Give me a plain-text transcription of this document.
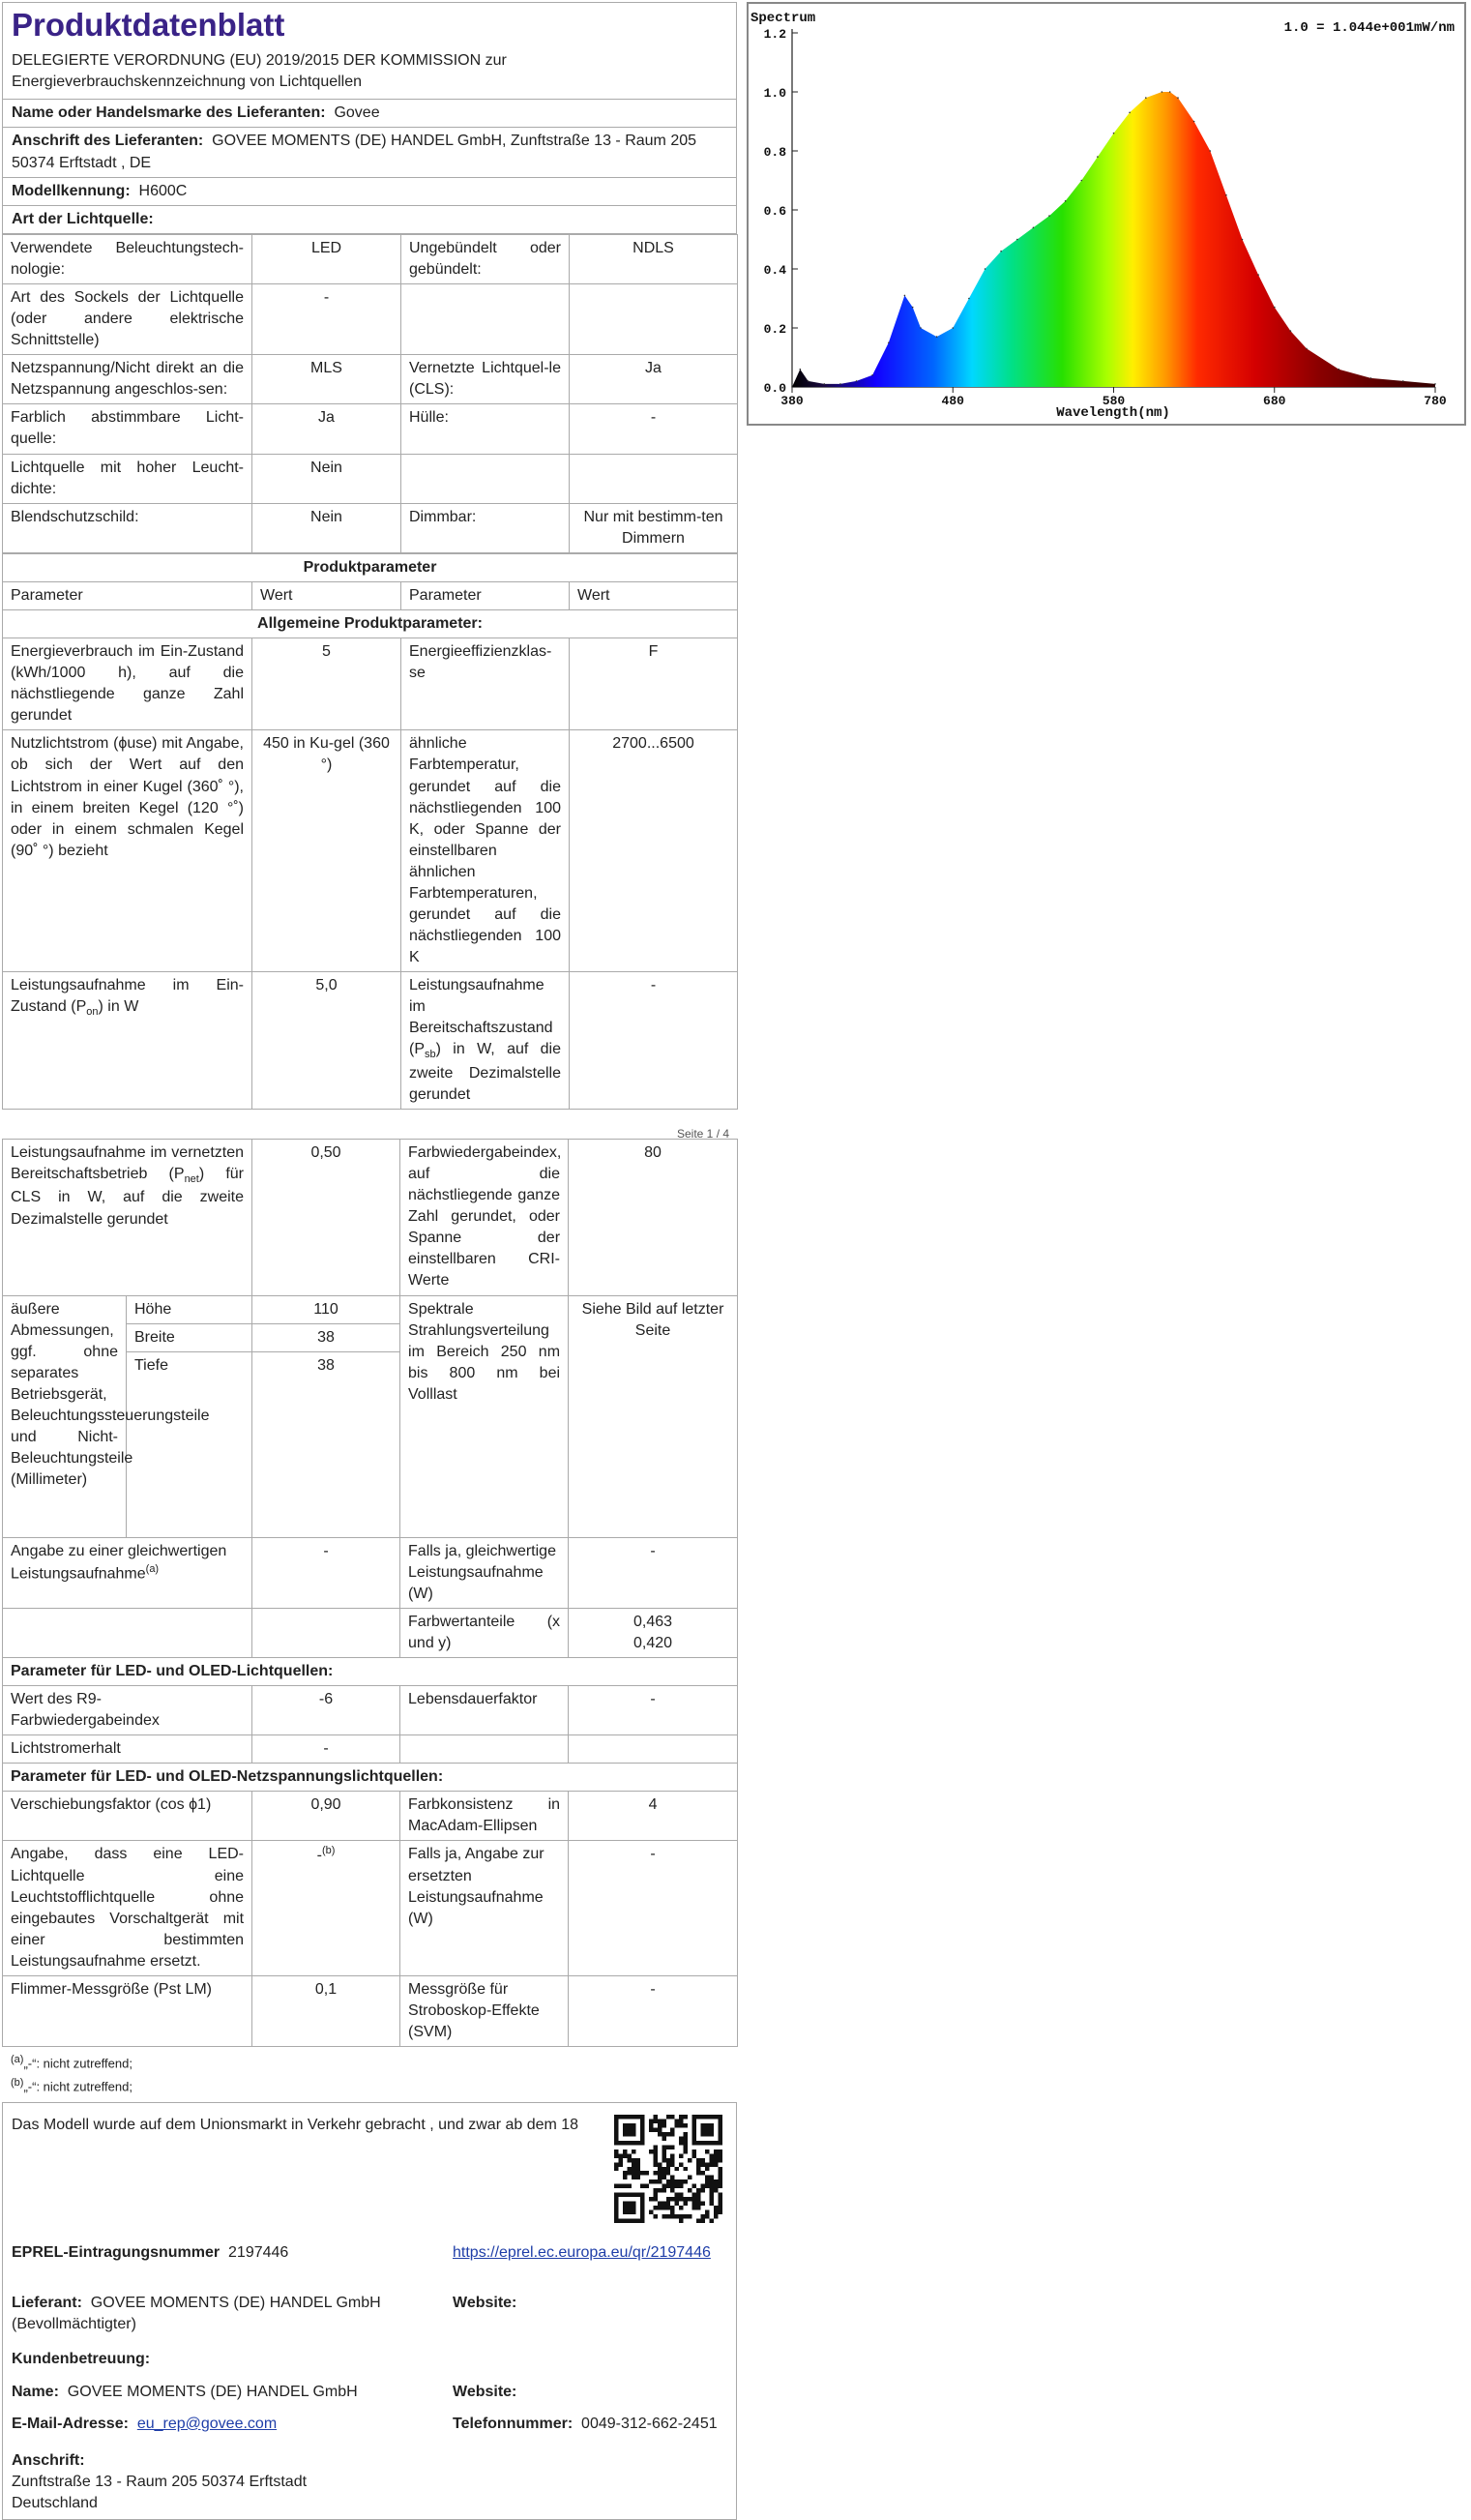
Produktdatenblatt
DELEGIERTE VERORDNUNG (EU) 2019/2015 DER KOMMISSION zur Energieverbrauchskennzeichnung von Lichtquellen
Name oder Handelsmarke des Lieferanten: Govee
Anschrift des Lieferanten: GOVEE MOMENTS (DE) HANDEL GmbH, Zunftstraße 13 - Raum 205 50374 Erftstadt , DE
Modellkennung: H600C
Art der Lichtquelle:
Verwendete Beleuchtungstech-nologie:	LED	Ungebündelt oder gebündelt:	NDLS
Art des Sockels der Lichtquelle (oder andere elektrische Schnittstelle)	-		
Netzspannung/Nicht direkt an die Netzspannung angeschlos-sen:	MLS	Vernetzte Lichtquel-le (CLS):	Ja
Farblich abstimmbare Licht-quelle:	Ja	Hülle:	-
Lichtquelle mit hoher Leucht-dichte:	Nein		
Blendschutzschild:	Nein	Dimmbar:	Nur mit bestimm-ten Dimmern
Produktparameter			
Parameter	Wert	Parameter	Wert
Allgemeine Produktparameter:			
Energieverbrauch im Ein-Zustand (kWh/1000 h), auf die nächstliegende ganze Zahl gerundet	5	Energieeffizienzklas-se	F
Nutzlichtstrom (ϕuse) mit Angabe, ob sich der Wert auf den Lichtstrom in einer Kugel (360˚ °), in einem breiten Kegel (120 °˚) oder in einem schmalen Kegel (90˚ °) bezieht	450 in Ku-gel (360 °)	ähnliche Farbtemperatur, gerundet auf die nächstliegenden 100 K, oder Spanne der einstellbaren ähnlichen Farbtemperaturen, gerundet auf die nächstliegenden 100 K	2700...6500
Leistungsaufnahme im Ein-Zustand $(P_{on})$ in W	5,0	Leistungsaufnahme im Bereitschaftszustand $(P_{sb})$ in W, auf die zweite Dezimalstelle gerundet	-
Seite 1 / 4
Leistungsaufnahme im vernetzten Bereitschaftsbetrieb $(P_{net})$ für CLS in W, auf die zweite Dezimalstelle gerundet		0,50	Farbwiedergabeindex, auf die nächstliegende ganze Zahl gerundet, oder Spanne der einstellbaren CRI-Werte	80
äußere Abmessungen, ggf. ohne separates Betriebsgerät, Beleuchtungssteuerungsteile und Nicht-Beleuchtungsteile (Millimeter)	Höhe	110	Spektrale Strahlungsverteilung im Bereich 250 nm bis 800 nm bei Volllast	Siehe Bild auf letzter Seite
	Breite	38		
	Tiefe	38		
Angabe zu einer gleichwertigen Leistungsaufnahme$^{(a)}$		-	Falls ja, gleichwertige Leistungsaufnahme (W)	-
			Farbwertanteile (x und y)	0,463
0,420

Parameter für LED- und OLED-Lichtquellen:				
Wert des R9-Farbwiedergabeindex		-6	Lebensdauerfaktor	-
Lichtstromerhalt		-		
Parameter für LED- und OLED-Netzspannungslichtquellen:				
Verschiebungsfaktor (cos ϕ1)		0,90	Farbkonsistenz in MacAdam-Ellipsen	4
Angabe, dass eine LED-Lichtquelle eine Leuchtstofflichtquelle ohne eingebautes Vorschaltgerät mit einer bestimmten Leistungsaufnahme ersetzt.		-$^{(b)}$	Falls ja, Angabe zur ersetzten Leistungsaufnahme (W)	-
Flimmer-Messgröße (Pst LM)		0,1	Messgröße für Stroboskop-Effekte (SVM)	-
$^{(a)}$„-“: nicht zutreffend;
$^{(b)}$„-“: nicht zutreffend;
Das Modell wurde auf dem Unionsmarkt in Verkehr gebracht , und zwar ab dem 18
EPREL-Eintragungsnummer 2197446	https://eprel.ec.europa.eu/qr/2197446
Lieferant: GOVEE MOMENTS (DE) HANDEL GmbH (Bevollmächtigter)
Website:
Kundenbetreuung:
Name: GOVEE MOMENTS (DE) HANDEL GmbH	Website:
E-Mail-Adresse: eu_rep@govee.com	Telefonnummer: 0049-312-662-2451
Anschrift:
Zunftstraße 13 - Raum 205 50374 Erftstadt
Deutschland
0.0
0.2
0.4
0.6
0.8
1.0
1.2
380	480	580	680	780
Spectrum
1.0 = 1.044e+001mW/nm
Wavelength(nm)
